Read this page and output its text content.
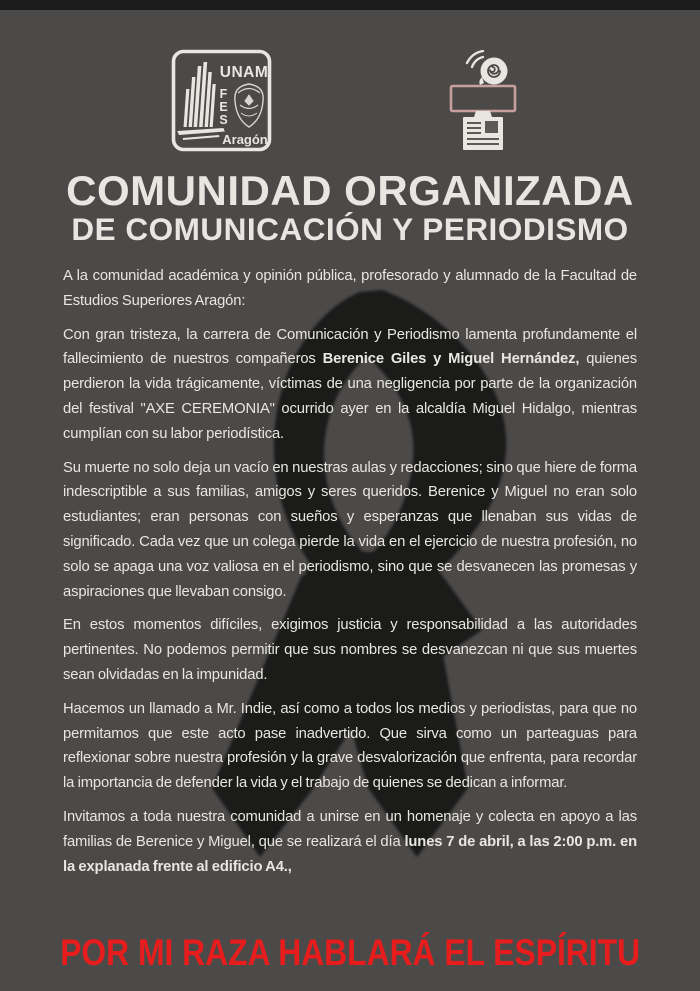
UNAM
F
E
S
Aragón
COMUNIDAD ORGANIZADA
DE COMUNICACIÓN Y PERIODISMO

A la comunidad académica y opinión pública, profesorado y alumnado de la Facultad de Estudios Superiores Aragón:

Con gran tristeza, la carrera de Comunicación y Periodismo lamenta profundamente el fallecimiento de nuestros compañeros Berenice Giles y Miguel Hernández, quienes perdieron la vida trágicamente, víctimas de una negligencia por parte de la organización del festival "AXE CEREMONIA" ocurrido ayer en la alcaldía Miguel Hidalgo, mientras cumplían con su labor periodística.

Su muerte no solo deja un vacío en nuestras aulas y redacciones; sino que hiere de forma indescriptible a sus familias, amigos y seres queridos. Berenice y Miguel no eran solo estudiantes; eran personas con sueños y esperanzas que llenaban sus vidas de significado. Cada vez que un colega pierde la vida en el ejercicio de nuestra profesión, no solo se apaga una voz valiosa en el periodismo, sino que se desvanecen las promesas y aspiraciones que llevaban consigo.

En estos momentos difíciles, exigimos justicia y responsabilidad a las autoridades pertinentes. No podemos permitir que sus nombres se desvanezcan ni que sus muertes sean olvidadas en la impunidad.

Hacemos un llamado a Mr. Indie, así como a todos los medios y periodistas, para que no permitamos que este acto pase inadvertido. Que sirva como un parteaguas para reflexionar sobre nuestra profesión y la grave desvalorización que enfrenta, para recordar la importancia de defender la vida y el trabajo de quienes se dedican a informar.

Invitamos a toda nuestra comunidad a unirse en un homenaje y colecta en apoyo a las familias de Berenice y Miguel, que se realizará el día lunes 7 de abril, a las 2:00 p.m. en la explanada frente al edificio A4.,

POR MI RAZA HABLARÁ EL ESPÍRITU
